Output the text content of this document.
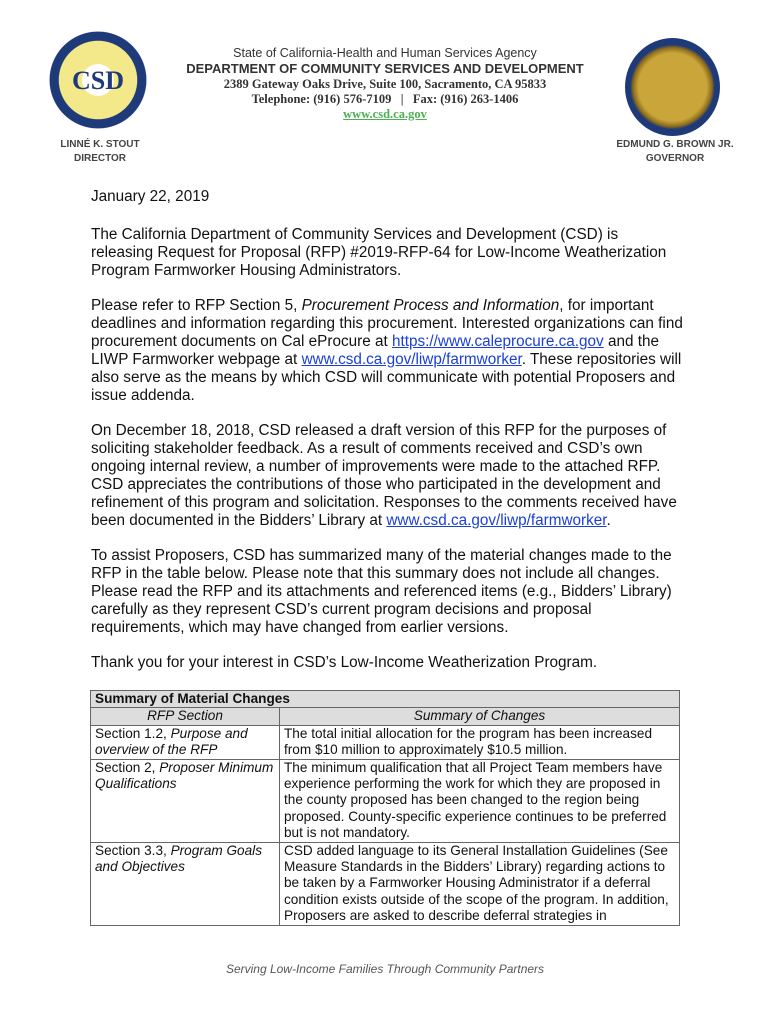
CSD
State of California-Health and Human Services Agency
DEPARTMENT OF COMMUNITY SERVICES AND DEVELOPMENT
2389 Gateway Oaks Drive, Suite 100, Sacramento, CA 95833
Telephone: (916) 576-7109   |   Fax: (916) 263-1406
www.csd.ca.gov
LINNÉ K. STOUT
DIRECTOR
EDMUND G. BROWN JR.
GOVERNOR

January 22, 2019

The California Department of Community Services and Development (CSD) is releasing Request for Proposal (RFP) #2019-RFP-64 for Low-Income Weatherization Program Farmworker Housing Administrators.

Please refer to RFP Section 5, Procurement Process and Information, for important deadlines and information regarding this procurement. Interested organizations can find procurement documents on Cal eProcure at https://www.caleprocure.ca.gov and the LIWP Farmworker webpage at www.csd.ca.gov/liwp/farmworker. These repositories will also serve as the means by which CSD will communicate with potential Proposers and issue addenda.

On December 18, 2018, CSD released a draft version of this RFP for the purposes of soliciting stakeholder feedback. As a result of comments received and CSD’s own ongoing internal review, a number of improvements were made to the attached RFP. CSD appreciates the contributions of those who participated in the development and refinement of this program and solicitation. Responses to the comments received have been documented in the Bidders’ Library at www.csd.ca.gov/liwp/farmworker.

To assist Proposers, CSD has summarized many of the material changes made to the RFP in the table below. Please note that this summary does not include all changes. Please read the RFP and its attachments and referenced items (e.g., Bidders’ Library) carefully as they represent CSD’s current program decisions and proposal requirements, which may have changed from earlier versions.

Thank you for your interest in CSD’s Low-Income Weatherization Program.

Summary of Material Changes	
RFP Section	Summary of Changes
Section 1.2, Purpose and overview of the RFP	The total initial allocation for the program has been increased from $10 million to approximately $10.5 million.
Section 2, Proposer Minimum Qualifications	The minimum qualification that all Project Team members have experience performing the work for which they are proposed in the county proposed has been changed to the region being proposed. County-specific experience continues to be preferred but is not mandatory.
Section 3.3, Program Goals and Objectives	CSD added language to its General Installation Guidelines (See Measure Standards in the Bidders’ Library) regarding actions to be taken by a Farmworker Housing Administrator if a deferral condition exists outside of the scope of the program. In addition, Proposers are asked to describe deferral strategies in
Serving Low-Income Families Through Community Partners
